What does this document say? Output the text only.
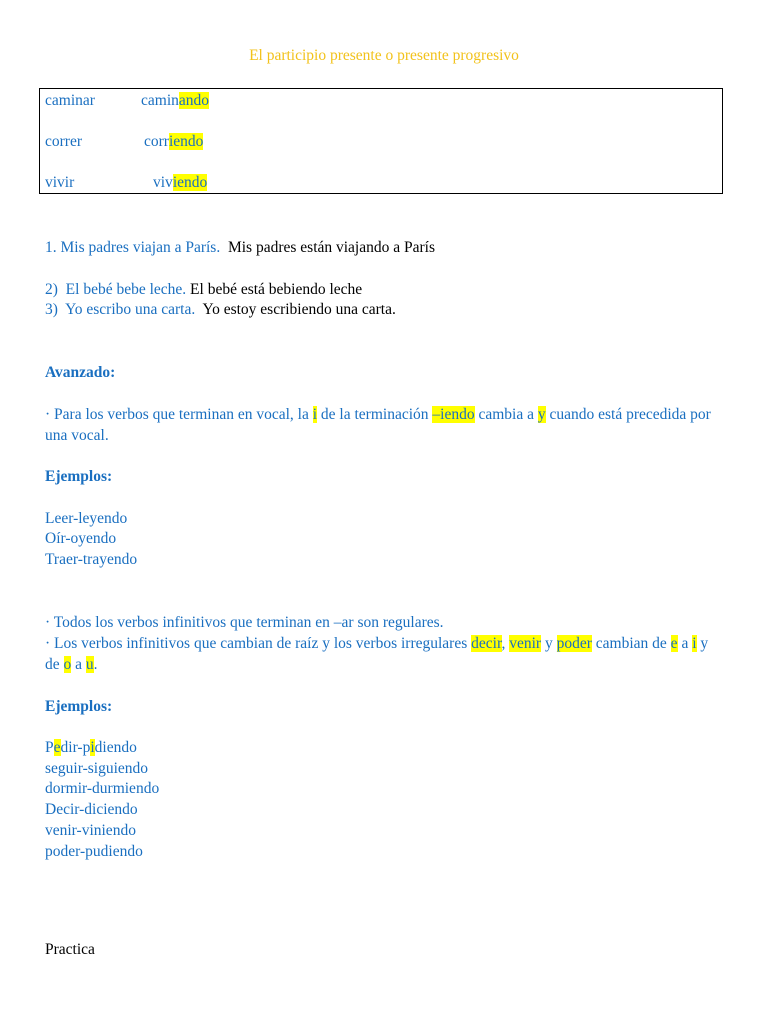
El participio presente o presente progresivo
caminar	caminando
correr	corriendo
vivir	viviendo
1. Mis padres viajan a París. Mis padres están viajando a París
2) El bebé bebe leche. El bebé está bebiendo leche
3) Yo escribo una carta. Yo estoy escribiendo una carta.
Avanzado:
· Para los verbos que terminan en vocal, la i de la terminación –iendo cambia a y cuando está precedida por una vocal.
Ejemplos:
Leer-leyendo
Oír-oyendo
Traer-trayendo
· Todos los verbos infinitivos que terminan en –ar son regulares.
· Los verbos infinitivos que cambian de raíz y los verbos irregulares decir, venir y poder cambian de e a i y de o a u.
Ejemplos:
Pedir-pidiendo
seguir-siguiendo
dormir-durmiendo
Decir-diciendo
venir-viniendo
poder-pudiendo
Practica
